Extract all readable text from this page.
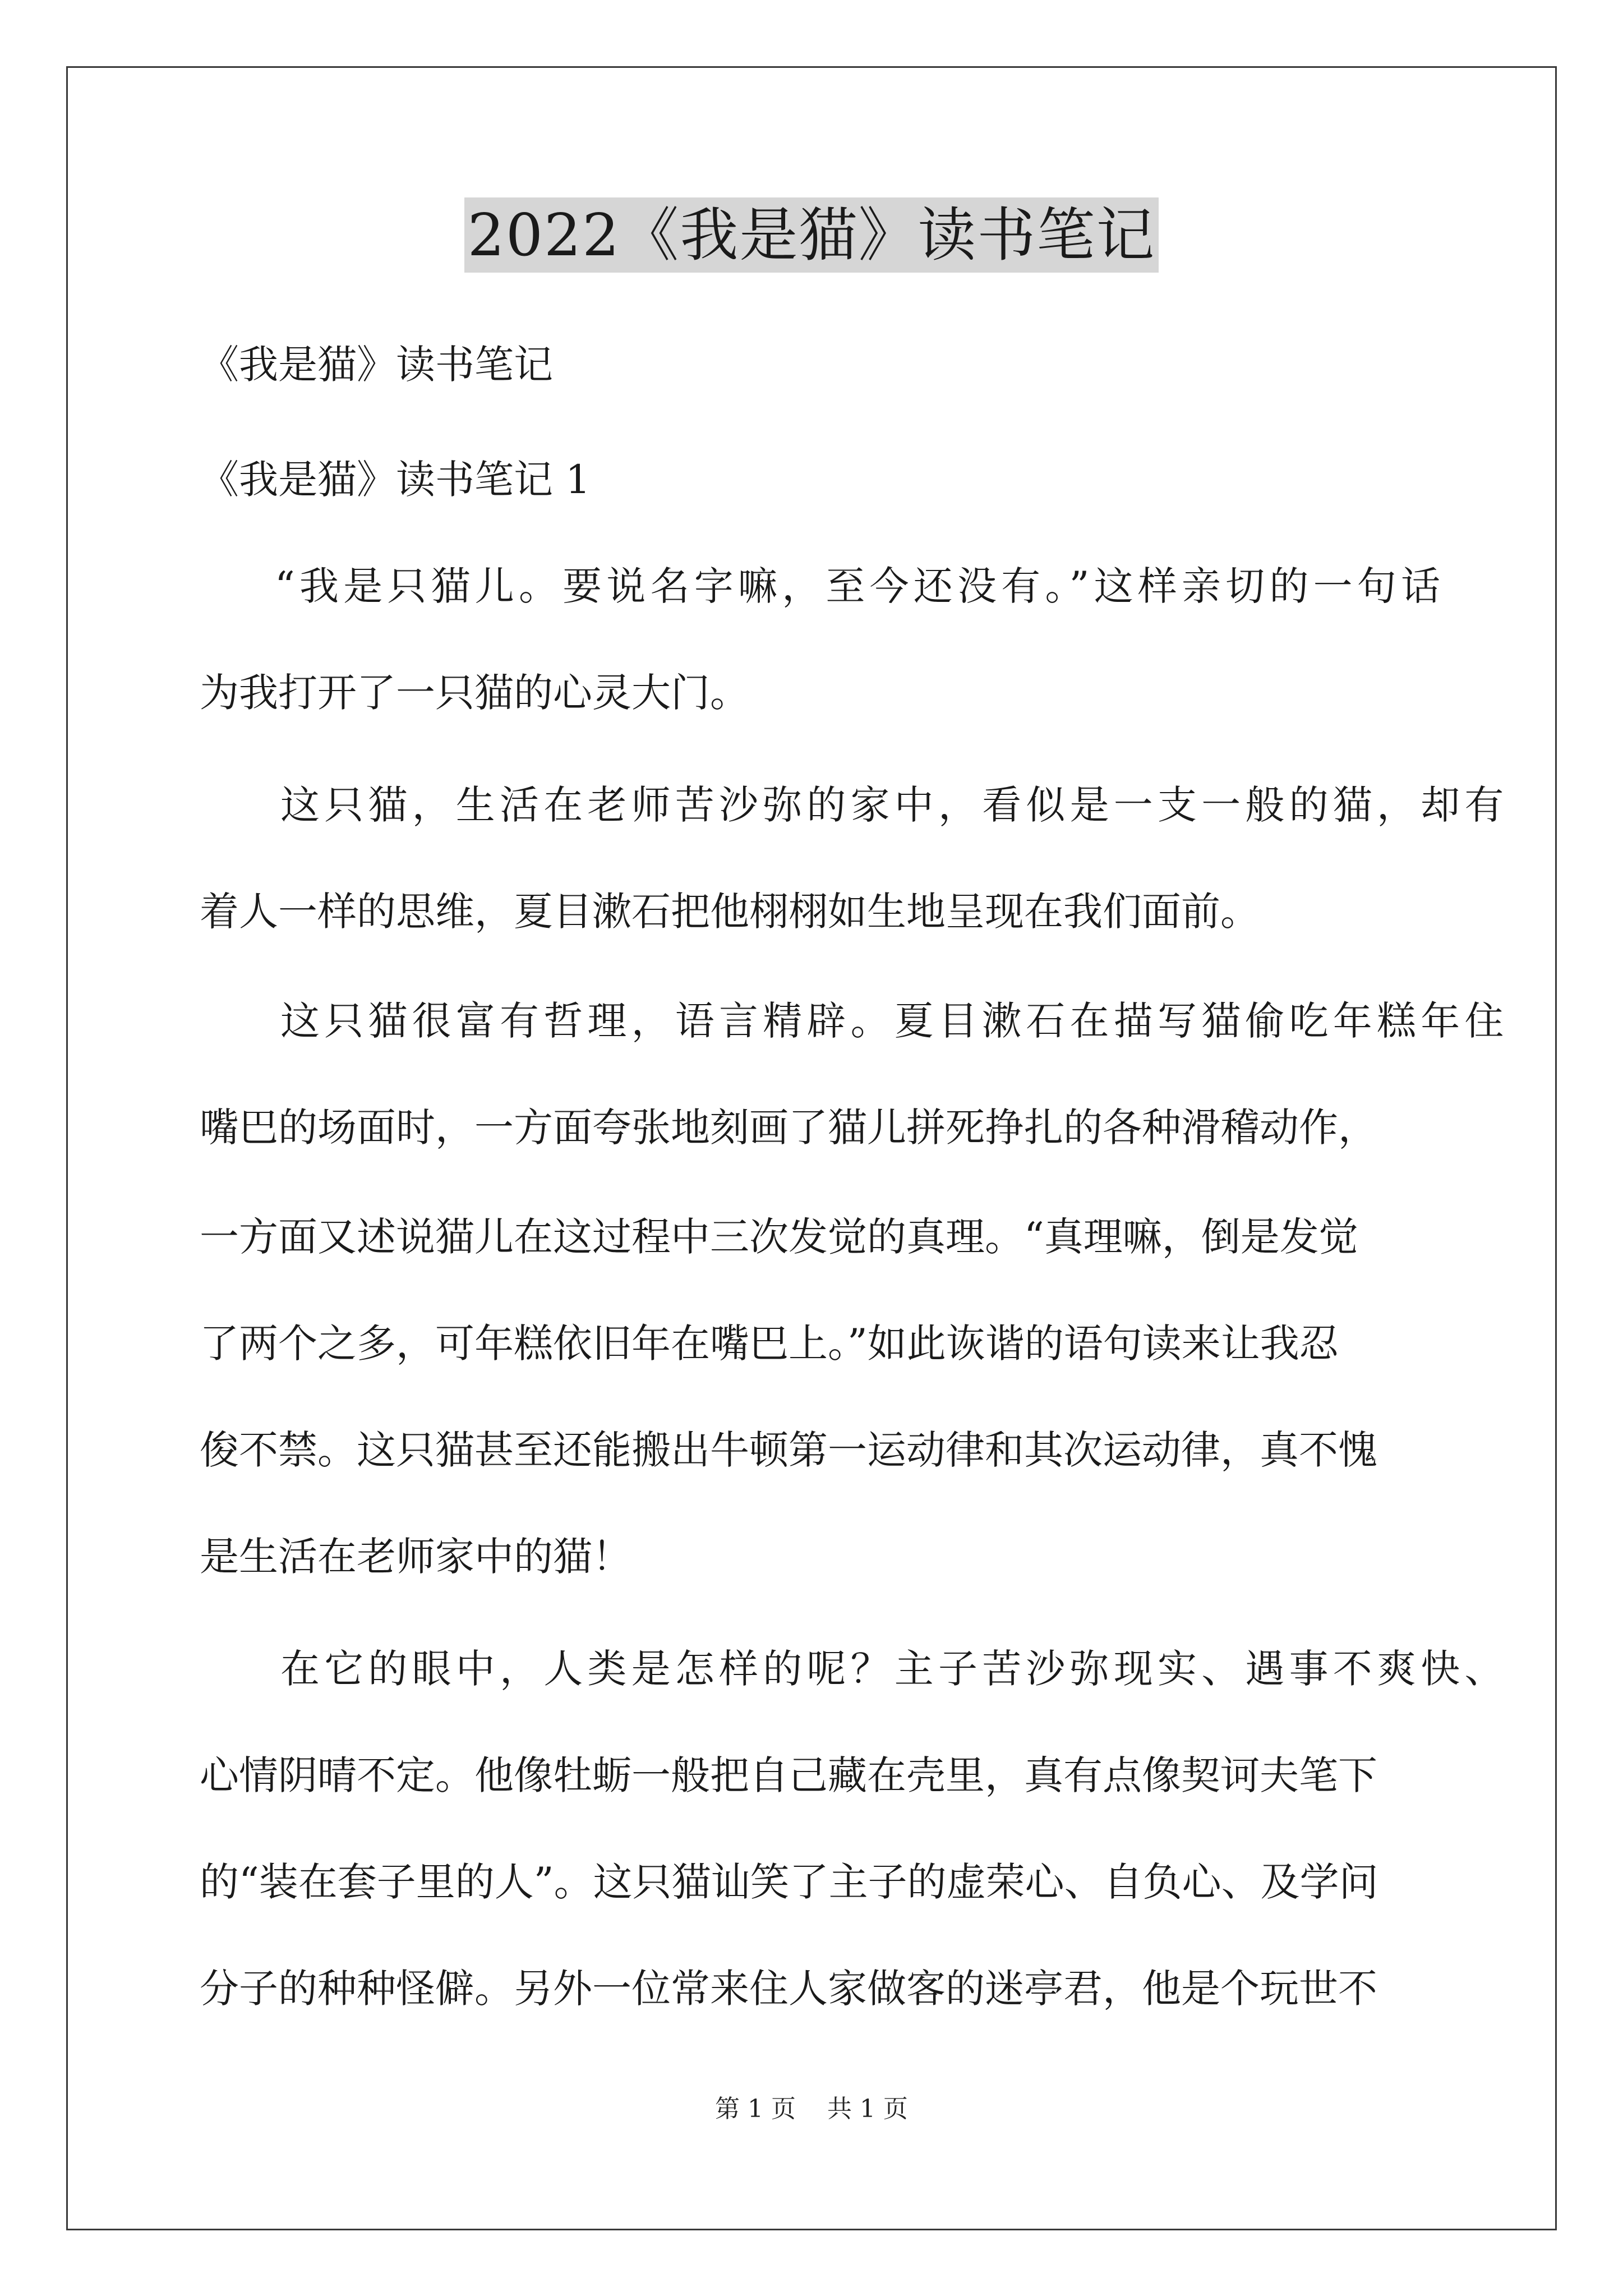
2022《我是猫》读书笔记

《我是猫》读书笔记

《我是猫》读书笔记 1

“我是只猫儿。要说名字嘛，至今还没有。”这样亲切的一句话

为我打开了一只猫的心灵大门。

这只猫，生活在老师苦沙弥的家中，看似是一支一般的猫，却有

着人一样的思维，夏目漱石把他栩栩如生地呈现在我们面前。

这只猫很富有哲理，语言精辟。夏目漱石在描写猫偷吃年糕年住

嘴巴的场面时，一方面夸张地刻画了猫儿拼死挣扎的各种滑稽动作，

一方面又述说猫儿在这过程中三次发觉的真理。“真理嘛，倒是发觉

了两个之多，可年糕依旧年在嘴巴上。”如此诙谐的语句读来让我忍

俊不禁。这只猫甚至还能搬出牛顿第一运动律和其次运动律，真不愧

是生活在老师家中的猫！

在它的眼中，人类是怎样的呢？主子苦沙弥现实、遇事不爽快、

心情阴晴不定。他像牡蛎一般把自己藏在壳里，真有点像契诃夫笔下

的“装在套子里的人”。这只猫讪笑了主子的虚荣心、自负心、及学问

分子的种种怪僻。另外一位常来住人家做客的迷亭君，他是个玩世不

第 1 页    共 1 页
